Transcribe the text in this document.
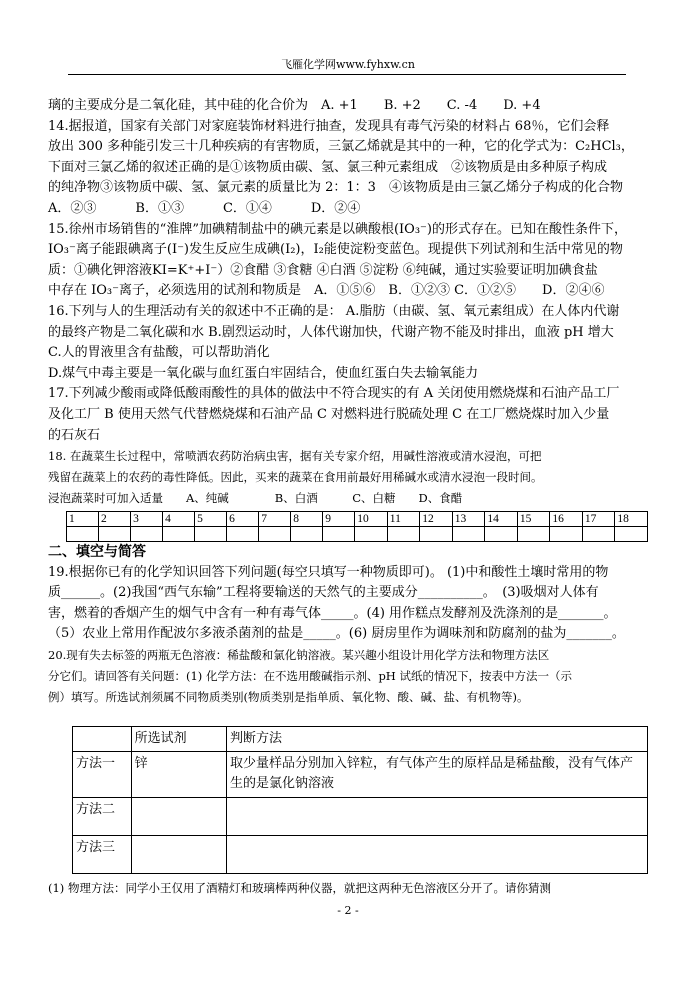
飞雁化学网www.fyhxw.cn

璃的主要成分是二氧化硅，其中硅的化合价为　A. +1　　B. +2　　C. -4　　D. +4

14.据报道，国家有关部门对家庭装饰材料进行抽查，发现具有毒气污染的材料占 68％，它们会释

放出 300 多种能引发三十几种疾病的有害物质，三氯乙烯就是其中的一种，它的化学式为：C₂HCl₃，

下面对三氯乙烯的叙述正确的是①该物质由碳、氢、氯三种元素组成　②该物质是由多种原子构成

的纯净物③该物质中碳、氢、氯元素的质量比为 2：1：3　④该物质是由三氯乙烯分子构成的化合物

A．②③　　　B．①③　　　C．①④　　　D．②④

15.徐州市场销售的“淮牌”加碘精制盐中的碘元素是以碘酸根(IO₃⁻)的形式存在。已知在酸性条件下，

IO₃⁻离子能跟碘离子(I⁻)发生反应生成碘(I₂)，I₂能使淀粉变蓝色。现提供下列试剂和生活中常见的物

质：①碘化钾溶液KI=K⁺+I⁻）②食醋 ③食糖 ④白酒 ⑤淀粉 ⑥纯碱，通过实验要证明加碘食盐

中存在 IO₃⁻离子，必须选用的试剂和物质是　A．①⑤⑥　B．①②③ C．①②⑤　　D．②④⑥

16.下列与人的生理活动有关的叙述中不正确的是： A.脂肪（由碳、氢、氧元素组成）在人体内代谢

的最终产物是二氧化碳和水 B.剧烈运动时，人体代谢加快，代谢产物不能及时排出，血液 pH 增大

C.人的胃液里含有盐酸，可以帮助消化

D.煤气中毒主要是一氧化碳与血红蛋白牢固结合，使血红蛋白失去输氧能力

17.下列减少酸雨或降低酸雨酸性的具体的做法中不符合现实的有 A 关闭使用燃烧煤和石油产品工厂

及化工厂 B 使用天然气代替燃烧煤和石油产品 C 对燃料进行脱硫处理 C 在工厂燃烧煤时加入少量

的石灰石

18. 在蔬菜生长过程中，常喷洒农药防治病虫害，据有关专家介绍，用碱性溶液或清水浸泡，可把

残留在蔬菜上的农药的毒性降低。因此，买来的蔬菜在食用前最好用稀碱水或清水浸泡一段时间。

浸泡蔬菜时可加入适量　　A、纯碱　　　　B、白酒　　　C、白糖　　D、食醋

1	2	3	4	5	6	7	8	9	10	11	12	13	14	15	16	17	18

二、填空与简答

19.根据你已有的化学知识回答下列问题(每空只填写一种物质即可)。 (1)中和酸性土壤时常用的物

质______。(2)我国“西气东输”工程将要输送的天然气的主要成分__________。　(3)吸烟对人体有

害，燃着的香烟产生的烟气中含有一种有毒气体_____。(4) 用作糕点发酵剂及洗涤剂的是_______。

（5）农业上常用作配波尔多液杀菌剂的盐是_____。(6) 厨房里作为调味剂和防腐剂的盐为_______。

20.现有失去标签的两瓶无色溶液：稀盐酸和氯化钠溶液。某兴趣小组设计用化学方法和物理方法区

分它们。请回答有关问题：(1) 化学方法：在不选用酸碱指示剂、pH 试纸的情况下，按表中方法一（示

例）填写。所选试剂须属不同物质类别(物质类别是指单质、氧化物、酸、碱、盐、有机物等)。

	所选试剂	判断方法
方法一	锌	取少量样品分别加入锌粒，有气体产生的原样品是稀盐酸，没有气体产生的是氯化钠溶液
方法二		
方法三		

(1) 物理方法：同学小王仅用了酒精灯和玻璃棒两种仪器，就把这两种无色溶液区分开了。请你猜测

- 2 -
